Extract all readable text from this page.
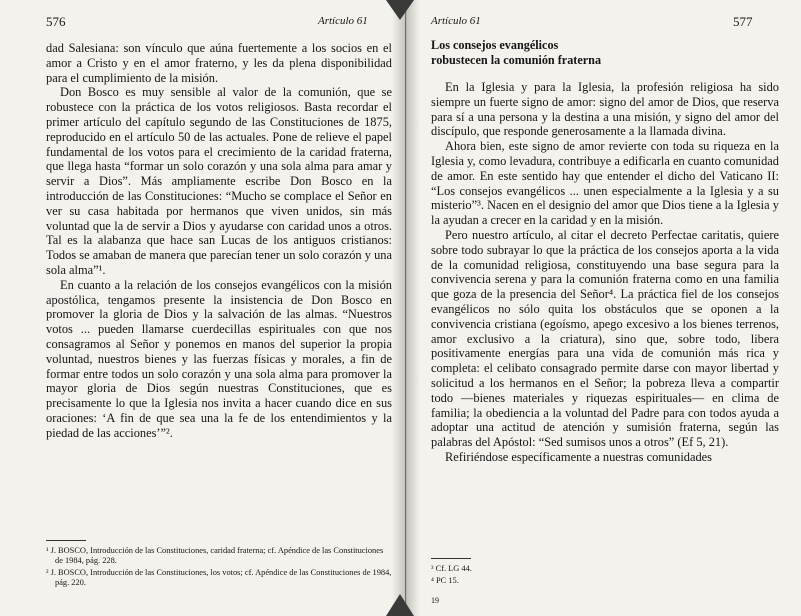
576	Artículo 61

dad Salesiana: son vínculo que aúna fuertemente a los socios en el amor a Cristo y en el amor fraterno, y les da plena disponibilidad para el cumplimiento de la misión.

Don Bosco es muy sensible al valor de la comunión, que se robustece con la práctica de los votos religiosos. Basta recordar el primer artículo del capítulo segundo de las Constituciones de 1875, reproducido en el artículo 50 de las actuales. Pone de relieve el papel fundamental de los votos para el crecimiento de la caridad fraterna, que llega hasta “formar un solo corazón y una sola alma para amar y servir a Dios”. Más ampliamente escribe Don Bosco en la introducción de las Constituciones: “Mucho se complace el Señor en ver su casa habitada por hermanos que viven unidos, sin más voluntad que la de servir a Dios y ayudarse con caridad unos a otros. Tal es la alabanza que hace san Lucas de los antiguos cristianos: Todos se amaban de manera que parecían tener un solo corazón y una sola alma”¹.

En cuanto a la relación de los consejos evangélicos con la misión apostólica, tengamos presente la insistencia de Don Bosco en promover la gloria de Dios y la salvación de las almas. “Nuestros votos ... pueden llamarse cuerdecillas espirituales con que nos consagramos al Señor y ponemos en manos del superior la propia voluntad, nuestros bienes y las fuerzas físicas y morales, a fin de formar entre todos un solo corazón y una sola alma para promover la mayor gloria de Dios según nuestras Constituciones, que es precisamente lo que la Iglesia nos invita a hacer cuando dice en sus oraciones: ‘A fin de que sea una la fe de los entendimientos y la piedad de las acciones’”².

¹ J. BOSCO, Introducción de las Constituciones, caridad fraterna; cf. Apéndice de las Constituciones de 1984, pág. 228.
² J. BOSCO, Introducción de las Constituciones, los votos; cf. Apéndice de las Constituciones de 1984, pág. 220.
Artículo 61	577
Los consejos evangélicos
robustecen la comunión fraterna

En la Iglesia y para la Iglesia, la profesión religiosa ha sido siempre un fuerte signo de amor: signo del amor de Dios, que reserva para sí a una persona y la destina a una misión, y signo del amor del discípulo, que responde generosamente a la llamada divina.

Ahora bien, este signo de amor revierte con toda su riqueza en la Iglesia y, como levadura, contribuye a edificarla en cuanto comunidad de amor. En este sentido hay que entender el dicho del Vaticano II: “Los consejos evangélicos ... unen especialmente a la Iglesia y a su misterio”³. Nacen en el designio del amor que Dios tiene a la Iglesia y la ayudan a crecer en la caridad y en la misión.

Pero nuestro artículo, al citar el decreto Perfectae caritatis, quiere sobre todo subrayar lo que la práctica de los consejos aporta a la vida de la comunidad religiosa, constituyendo una base segura para la convivencia serena y para la comunión fraterna como en una familia que goza de la presencia del Señor⁴. La práctica fiel de los consejos evangélicos no sólo quita los obstáculos que se oponen a la convivencia cristiana (egoísmo, apego excesivo a los bienes terrenos, amor exclusivo a la criatura), sino que, sobre todo, libera positivamente energías para una vida de comunión más rica y completa: el celibato consagrado permite darse con mayor libertad y solicitud a los hermanos en el Señor; la pobreza lleva a compartir todo —bienes materiales y riquezas espirituales— en clima de familia; la obediencia a la voluntad del Padre para con todos ayuda a adoptar una actitud de atención y sumisión fraterna, según las palabras del Apóstol: “Sed sumisos unos a otros” (Ef 5, 21).

Refiriéndose específicamente a nuestras comunidades

³ Cf. LG 44.
⁴ PC 15.
19
